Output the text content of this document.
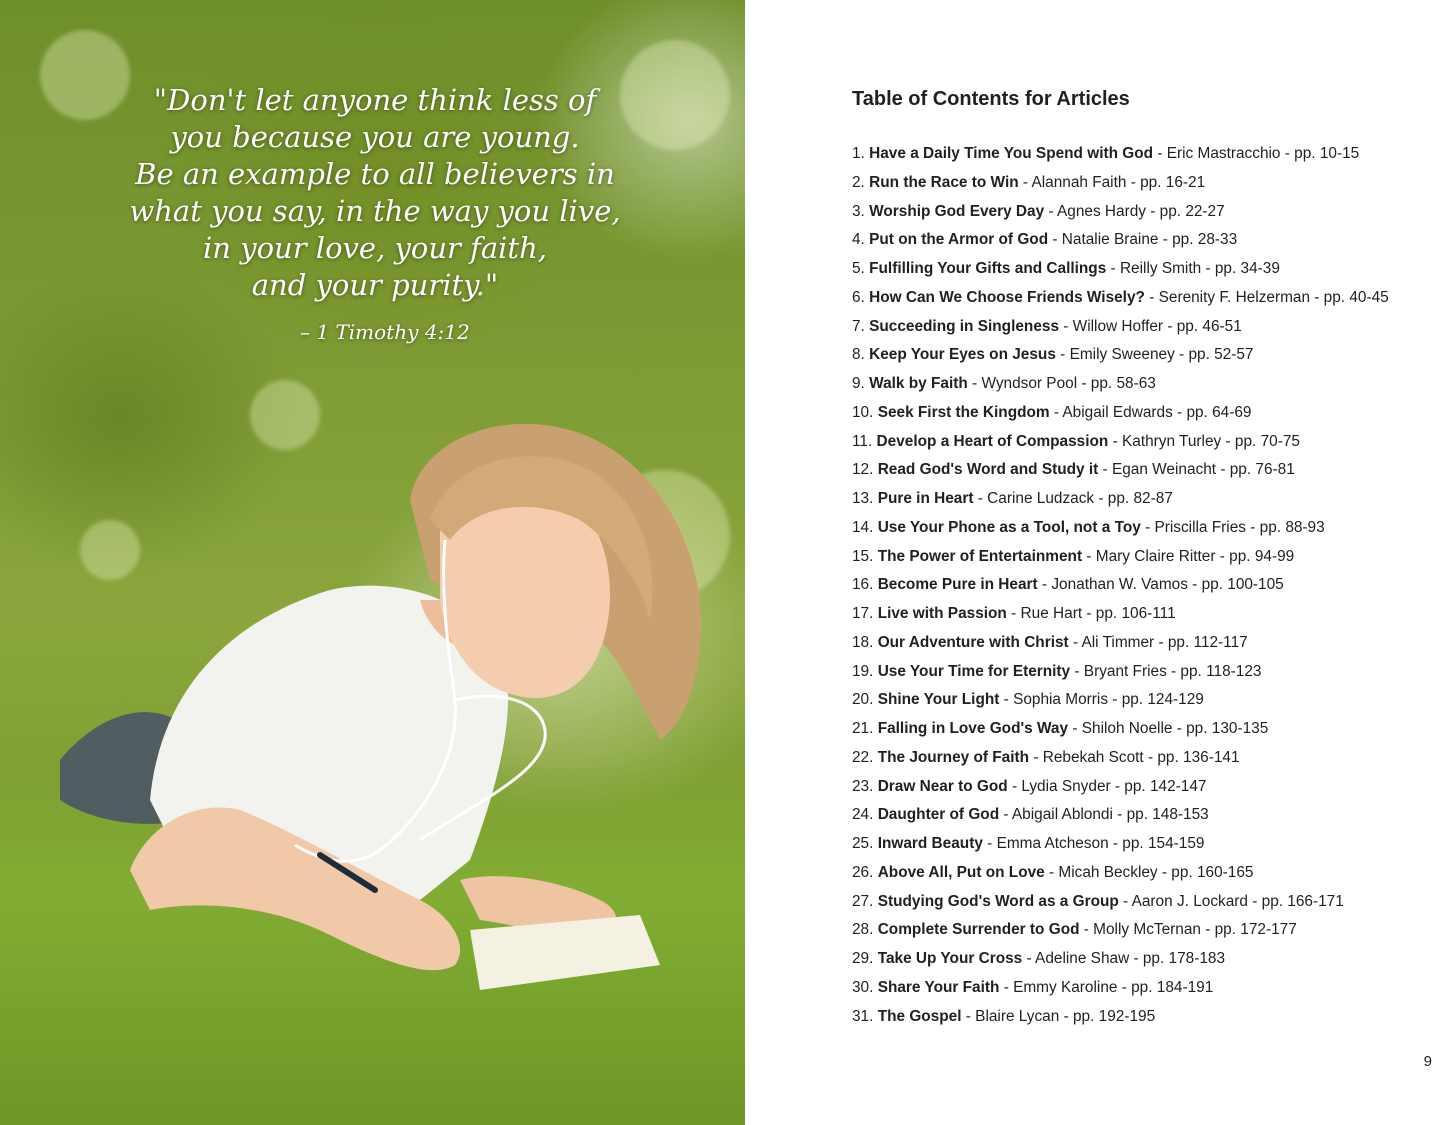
"Don't let anyone think less of
you because you are young.
Be an example to all believers in
what you say, in the way you live,
in your love, your faith,
and your purity."
– 1 Timothy 4:12
Table of Contents for Articles
1. Have a Daily Time You Spend with God - Eric Mastracchio - pp. 10-15
2. Run the Race to Win - Alannah Faith - pp. 16-21
3. Worship God Every Day - Agnes Hardy - pp. 22-27
4. Put on the Armor of God - Natalie Braine - pp. 28-33
5. Fulfilling Your Gifts and Callings - Reilly Smith - pp. 34-39
6. How Can We Choose Friends Wisely? - Serenity F. Helzerman - pp. 40-45
7. Succeeding in Singleness - Willow Hoffer - pp. 46-51
8. Keep Your Eyes on Jesus - Emily Sweeney - pp. 52-57
9. Walk by Faith - Wyndsor Pool - pp. 58-63
10. Seek First the Kingdom - Abigail Edwards - pp. 64-69
11. Develop a Heart of Compassion - Kathryn Turley - pp. 70-75
12. Read God's Word and Study it - Egan Weinacht - pp. 76-81
13. Pure in Heart - Carine Ludzack - pp. 82-87
14. Use Your Phone as a Tool, not a Toy - Priscilla Fries - pp. 88-93
15. The Power of Entertainment - Mary Claire Ritter - pp. 94-99
16. Become Pure in Heart - Jonathan W. Vamos - pp. 100-105
17. Live with Passion - Rue Hart - pp. 106-111
18. Our Adventure with Christ - Ali Timmer - pp. 112-117
19. Use Your Time for Eternity - Bryant Fries - pp. 118-123
20. Shine Your Light - Sophia Morris - pp. 124-129
21. Falling in Love God's Way - Shiloh Noelle - pp. 130-135
22. The Journey of Faith - Rebekah Scott - pp. 136-141
23. Draw Near to God - Lydia Snyder - pp. 142-147
24. Daughter of God - Abigail Ablondi - pp. 148-153
25. Inward Beauty - Emma Atcheson - pp. 154-159
26. Above All, Put on Love - Micah Beckley - pp. 160-165
27. Studying God's Word as a Group - Aaron J. Lockard - pp. 166-171
28. Complete Surrender to God - Molly McTernan - pp. 172-177
29. Take Up Your Cross - Adeline Shaw - pp. 178-183
30. Share Your Faith - Emmy Karoline - pp. 184-191
31. The Gospel - Blaire Lycan - pp. 192-195
9
